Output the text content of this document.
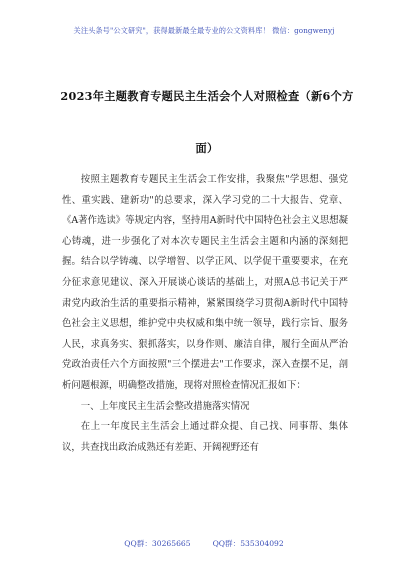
关注头条号"公文研究"，获得最新最全最专业的公文资料库！ 微信：gongwenyj
2023年主题教育专题民主生活会个人对照检查（新6个方面）

按照主题教育专题民主生活会工作安排，我聚焦"学思想、强党性、重实践、建新功"的总要求，深入学习党的二十大报告、党章、《A著作选读》等规定内容，坚持用A新时代中国特色社会主义思想凝心铸魂，进一步强化了对本次专题民主生活会主题和内涵的深刻把握。结合以学铸魂、以学增智、以学正风、以学促干重要要求，在充分征求意见建议、深入开展谈心谈话的基础上，对照A总书记关于严肃党内政治生活的重要指示精神，紧紧围绕学习贯彻A新时代中国特色社会主义思想，维护党中央权威和集中统一领导，践行宗旨、服务人民，求真务实、狠抓落实，以身作则、廉洁自律，履行全面从严治党政治责任六个方面按照"三个摆进去"工作要求，深入查摆不足，剖析问题根源，明确整改措施，现将对照检查情况汇报如下：

一、上年度民主生活会整改措施落实情况

在上一年度民主生活会上通过群众提、自己找、同事帮、集体议，共查找出政治成熟还有差距、开阔视野还有

QQ群：30265665	QQ群：535304092
